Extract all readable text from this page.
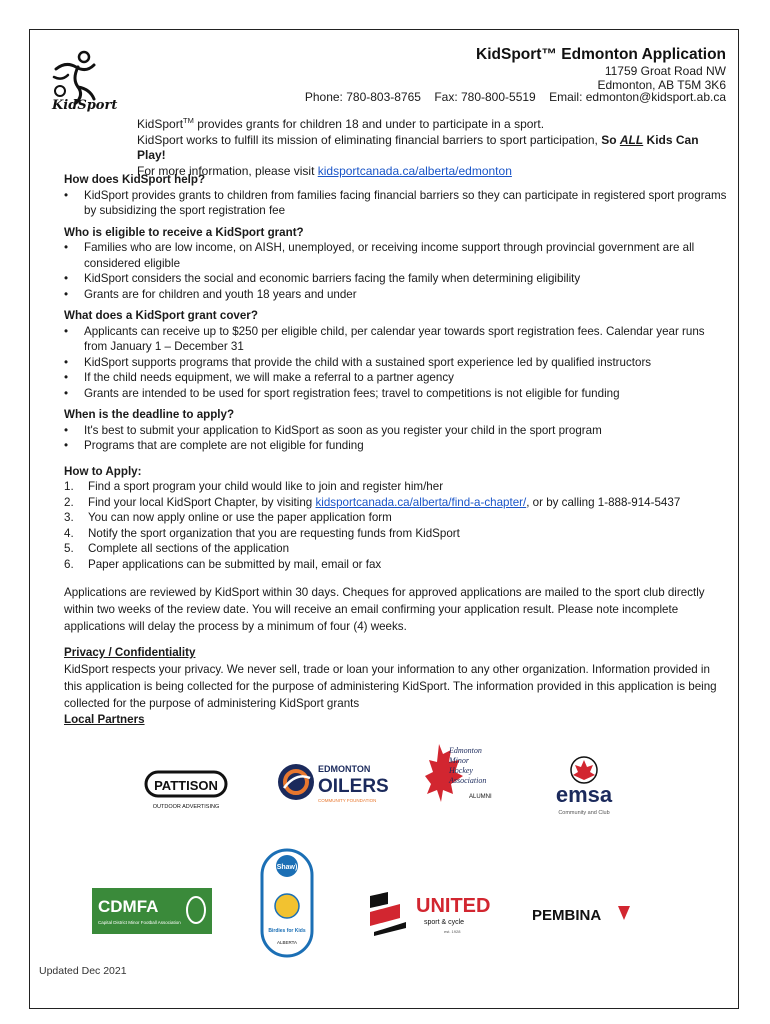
KidSport
KidSport™ Edmonton Application
11759 Groat Road NW
Edmonton, AB T5M 3K6
Phone: 780-803-8765 Fax: 780-800-5519 Email: edmonton@kidsport.ab.ca
KidSport™ provides grants for children 18 and under to participate in a sport.
KidSport works to fulfill its mission of eliminating financial barriers to sport participation, So ALL Kids Can Play!
For more information, please visit kidsportcanada.ca/alberta/edmonton
How does KidSport help?
• KidSport provides grants to children from families facing financial barriers so they can participate in registered sport programs by subsidizing the sport registration fee
Who is eligible to receive a KidSport grant?
• Families who are low income, on AISH, unemployed, or receiving income support through provincial government are all considered eligible
• KidSport considers the social and economic barriers facing the family when determining eligibility
• Grants are for children and youth 18 years and under
What does a KidSport grant cover?
• Applicants can receive up to $250 per eligible child, per calendar year towards sport registration fees. Calendar year runs from January 1 – December 31
• KidSport supports programs that provide the child with a sustained sport experience led by qualified instructors
• If the child needs equipment, we will make a referral to a partner agency
• Grants are intended to be used for sport registration fees; travel to competitions is not eligible for funding
When is the deadline to apply?
• It's best to submit your application to KidSport as soon as you register your child in the sport program
• Programs that are complete are not eligible for funding
How to Apply:
1. Find a sport program your child would like to join and register him/her
2. Find your local KidSport Chapter, by visiting kidsportcanada.ca/alberta/find-a-chapter/, or by calling 1-888-914-5437
3. You can now apply online or use the paper application form
4. Notify the sport organization that you are requesting funds from KidSport
5. Complete all sections of the application
6. Paper applications can be submitted by mail, email or fax
Applications are reviewed by KidSport within 30 days. Cheques for approved applications are mailed to the sport club directly within two weeks of the review date. You will receive an email confirming your application result. Please note incomplete applications will delay the process by a minimum of four (4) weeks.
Privacy / Confidentiality
KidSport respects your privacy. We never sell, trade or loan your information to any other organization. Information provided in this application is being collected for the purpose of administering KidSport. The information provided in this application is being collected for the purpose of administering KidSport grants
Local Partners
PATTISON
OUTDOOR ADVERTISING
EDMONTON
OILERS
COMMUNITY FOUNDATION
Edmonton
Minor
Hockey
Association
ALUMNI	emsa
Community and Club
CDMFA
Capital District Minor Football Association
Shaw)
Birdies for Kids
ALBERTA
UNITED
sport & cycle
est. 1928
PEMBINA
Updated Dec 2021
